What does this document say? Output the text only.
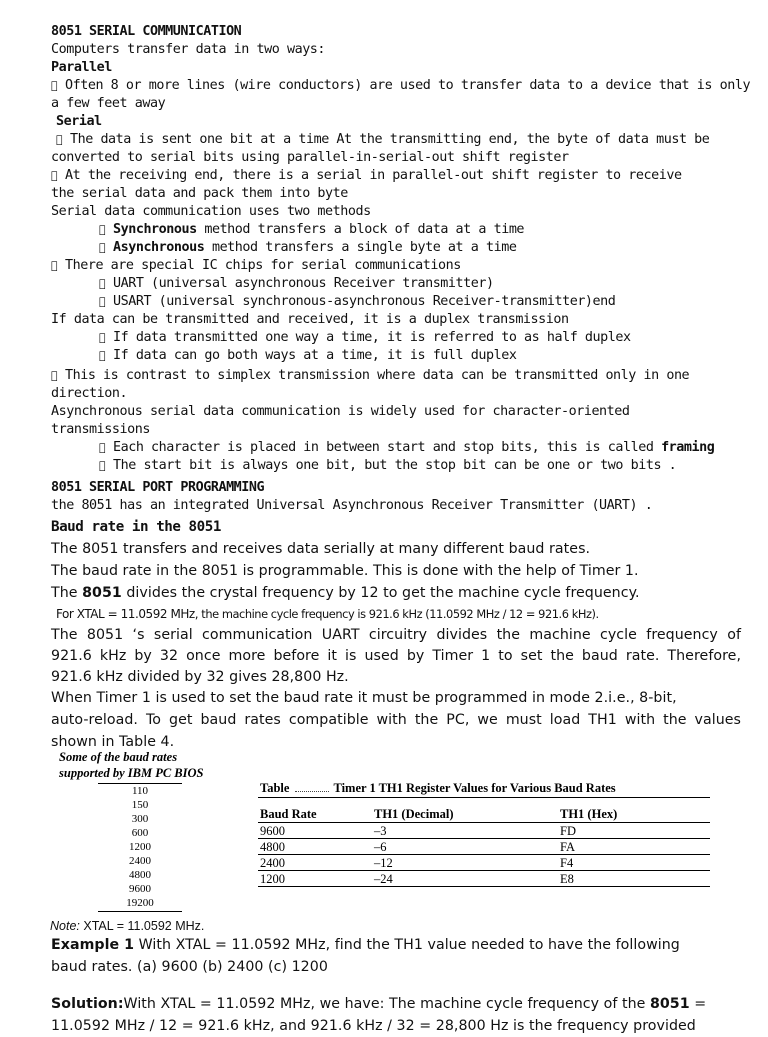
8051 SERIAL COMMUNICATION
Computers transfer data in two ways:
Parallel
Often 8 or more lines (wire conductors) are used to transfer data to a device that is only
a few feet away
Serial
The data is sent one bit at a time At the transmitting end, the byte of data must be
converted to serial bits using parallel-in-serial-out shift register
At the receiving end, there is a serial in parallel-out shift register to receive
the serial data and pack them into byte
Serial data communication uses two methods
Synchronous method transfers a block of data at a time
Asynchronous method transfers a single byte at a time
There are special IC chips for serial communications
UART (universal asynchronous Receiver transmitter)
USART (universal synchronous-asynchronous Receiver-transmitter)end
If data can be transmitted and received, it is a duplex transmission
If data transmitted one way a time, it is referred to as half duplex
If data can go both ways at a time, it is full duplex
This is contrast to simplex transmission where data can be transmitted only in one
direction.
Asynchronous serial data communication is widely used for character-oriented
transmissions
Each character is placed in between start and stop bits, this is called framing
The start bit is always one bit, but the stop bit can be one or two bits .
8051 SERIAL PORT PROGRAMMING
the 8051 has an integrated Universal Asynchronous Receiver Transmitter (UART) .
Baud rate in the 8051
The 8051 transfers and receives data serially at many different baud rates.
The baud rate in the 8051 is programmable. This is done with the help of Timer 1.
The 8051 divides the crystal frequency by 12 to get the machine cycle frequency.
For XTAL = 11.0592 MHz, the machine cycle frequency is 921.6 kHz (11.0592 MHz / 12 = 921.6 kHz).
The 8051 ‘s serial communication UART circuitry divides the machine cycle frequency of
921.6 kHz by 32 once more before it is used by Timer 1 to set the baud rate. Therefore,
921.6 kHz divided by 32 gives 28,800 Hz.
When Timer 1 is used to set the baud rate it must be programmed in mode 2.i.e., 8-bit,
auto-reload. To get baud rates compatible with the PC, we must load TH1 with the values
shown in Table 4.
Some of the baud rates
supported by IBM PC BIOS
110
150
300
600
1200
2400
4800
9600
19200
Table	Timer 1 TH1 Register Values for Various Baud Rates
Baud Rate	TH1 (Decimal)	TH1 (Hex)
9600	–3	FD
4800	–6	FA
2400	–12	F4
1200	–24	E8
Note: XTAL = 11.0592 MHz.
Example 1 With XTAL = 11.0592 MHz, find the TH1 value needed to have the following
baud rates. (a) 9600 (b) 2400 (c) 1200
Solution:With XTAL = 11.0592 MHz, we have: The machine cycle frequency of the 8051 =
11.0592 MHz / 12 = 921.6 kHz, and 921.6 kHz / 32 = 28,800 Hz is the frequency provided
